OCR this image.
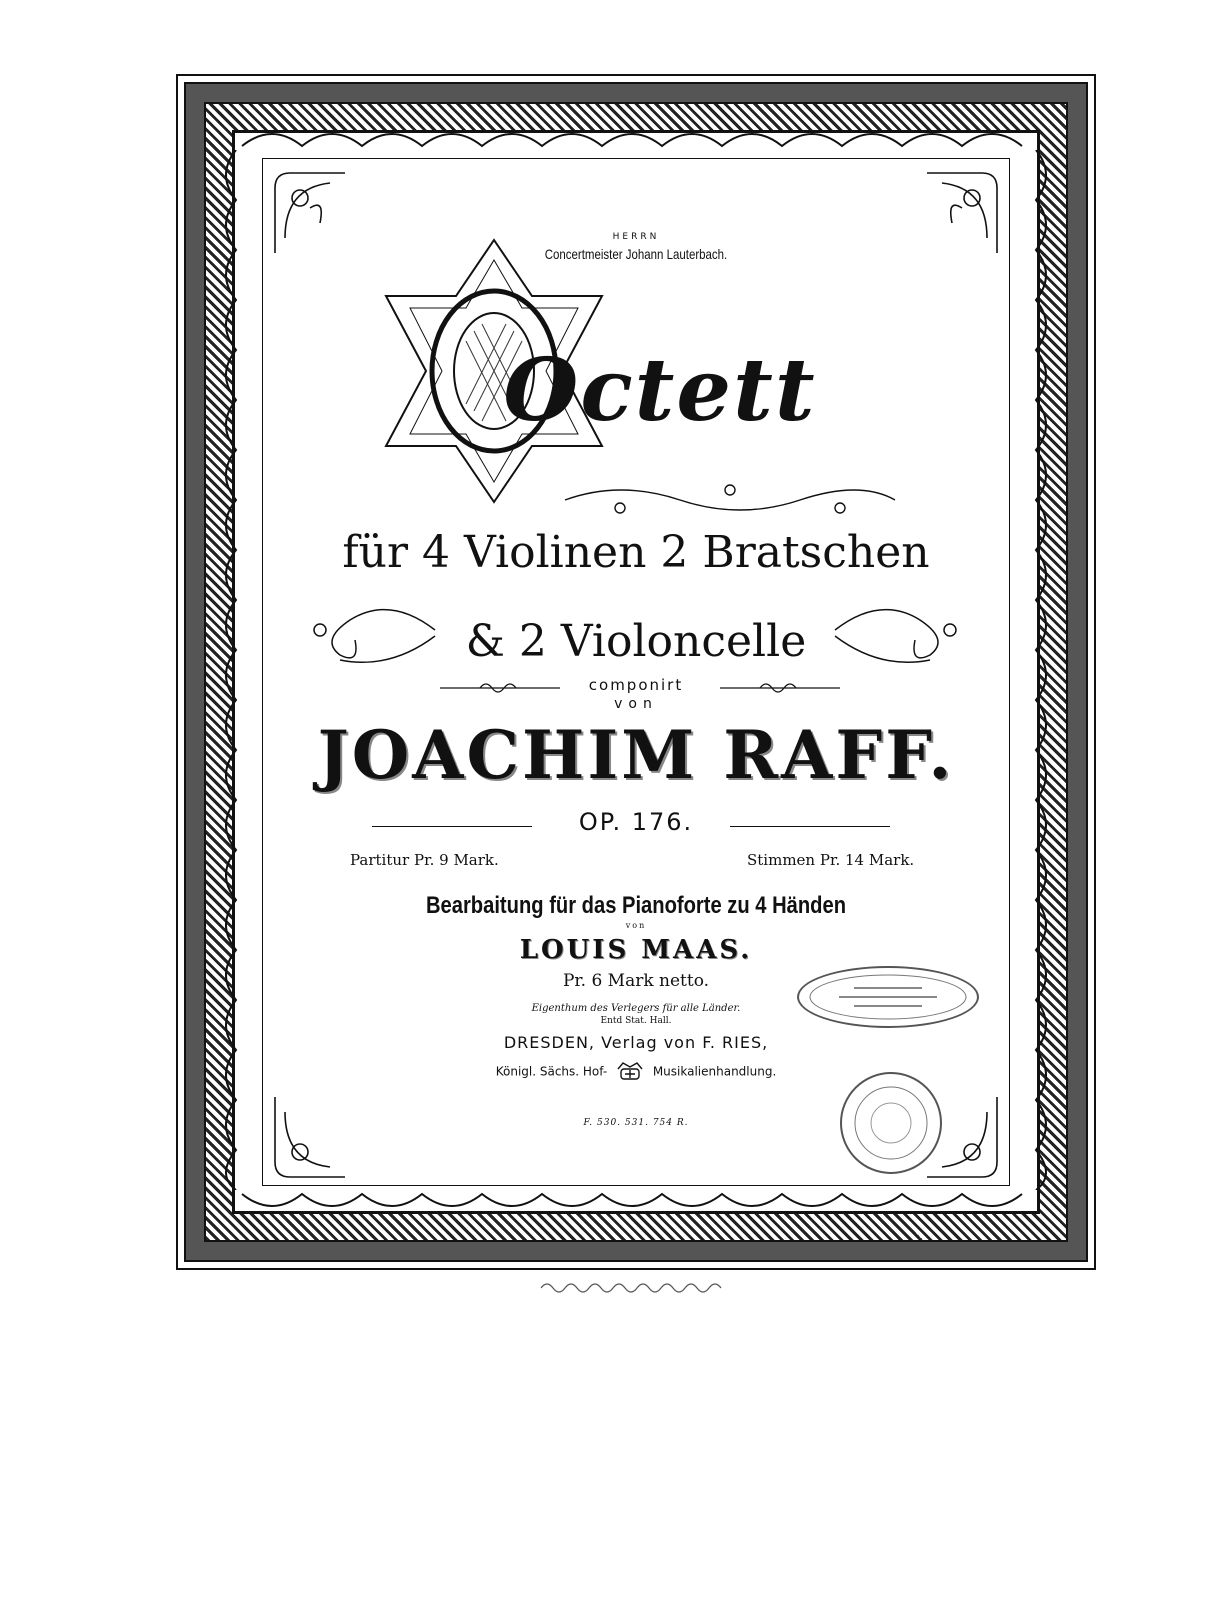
HERRN
Concertmeister Johann Lauterbach.
Octett
für 4 Violinen 2 Bratschen
& 2 Violoncelle
componirt
von
JOACHIM RAFF.
OP. 176.
Partitur Pr. 9 Mark.	Stimmen Pr. 14 Mark.
Bearbaitung für das Pianoforte zu 4 Händen
von
LOUIS MAAS.
Pr. 6 Mark netto.
Eigenthum des Verlegers für alle Länder.
Entd Stat. Hall.
DRESDEN, Verlag von F. RIES,
Königl. Sächs. Hof-	Musikalienhandlung.
F. 530. 531. 754 R.
